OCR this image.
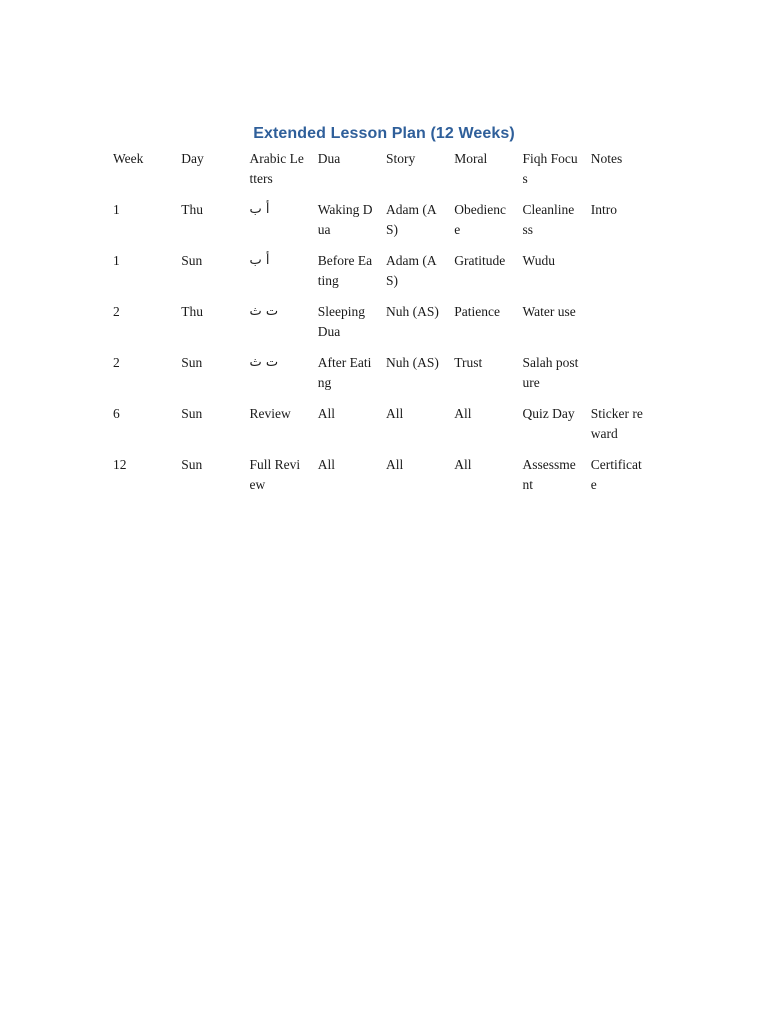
Extended Lesson Plan (12 Weeks)
Week	Day	Arabic Letters	Dua	Story	Moral	Fiqh Focus	Notes
1	Thu	أ ب	Waking Dua	Adam (AS)	Obedience	Cleanliness	Intro
1	Sun	أ ب	Before Eating	Adam (AS)	Gratitude	Wudu	
2	Thu	ت ث	Sleeping Dua	Nuh (AS)	Patience	Water use	
2	Sun	ت ث	After Eating	Nuh (AS)	Trust	Salah posture	
6	Sun	Review	All	All	All	Quiz Day	Sticker reward
12	Sun	Full Review	All	All	All	Assessment	Certificate
